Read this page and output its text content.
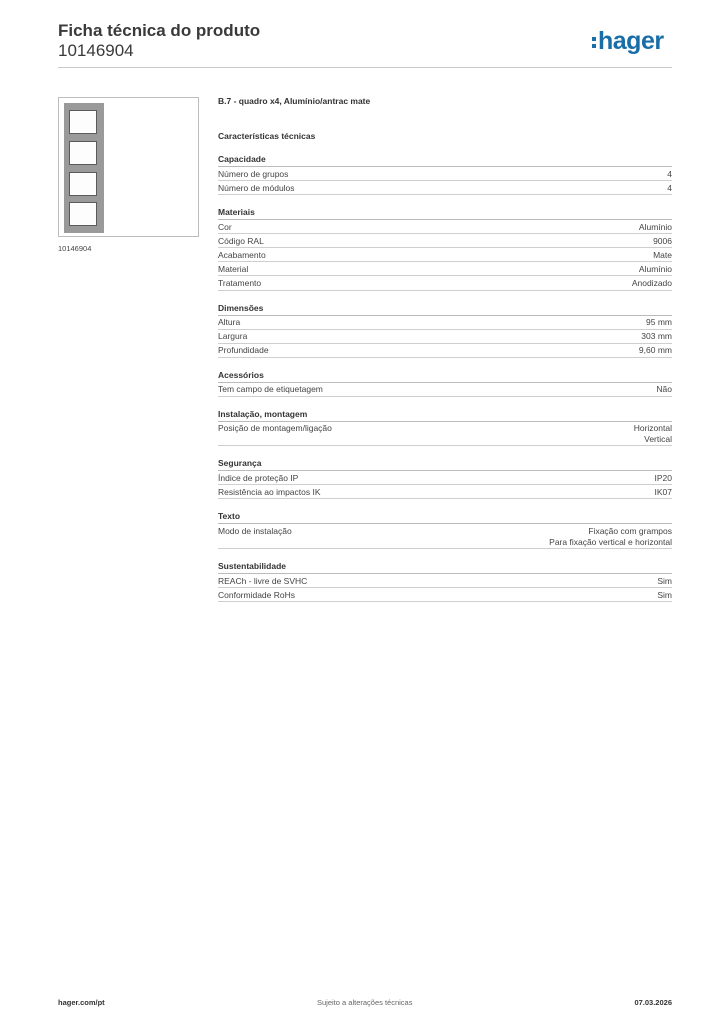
Ficha técnica do produto
10146904	hager
10146904
B.7 - quadro x4, Alumínio/antrac mate
Características técnicas
Capacidade
Número de grupos	4
Número de módulos	4
Materiais
Cor	Alumínio
Código RAL	9006
Acabamento	Mate
Material	Alumínio
Tratamento	Anodizado
Dimensões
Altura	95 mm
Largura	303 mm
Profundidade	9,60 mm
Acessórios
Tem campo de etiquetagem	Não
Instalação, montagem
Posição de montagem/ligação	Horizontal
Vertical
Segurança
Índice de proteção IP	IP20
Resistência ao impactos IK	IK07
Texto
Modo de instalação	Fixação com grampos
Para fixação vertical e horizontal
Sustentabilidade
REACh - livre de SVHC	Sim
Conformidade RoHs	Sim
hager.com/pt	Sujeito a alterações técnicas	07.03.2026
